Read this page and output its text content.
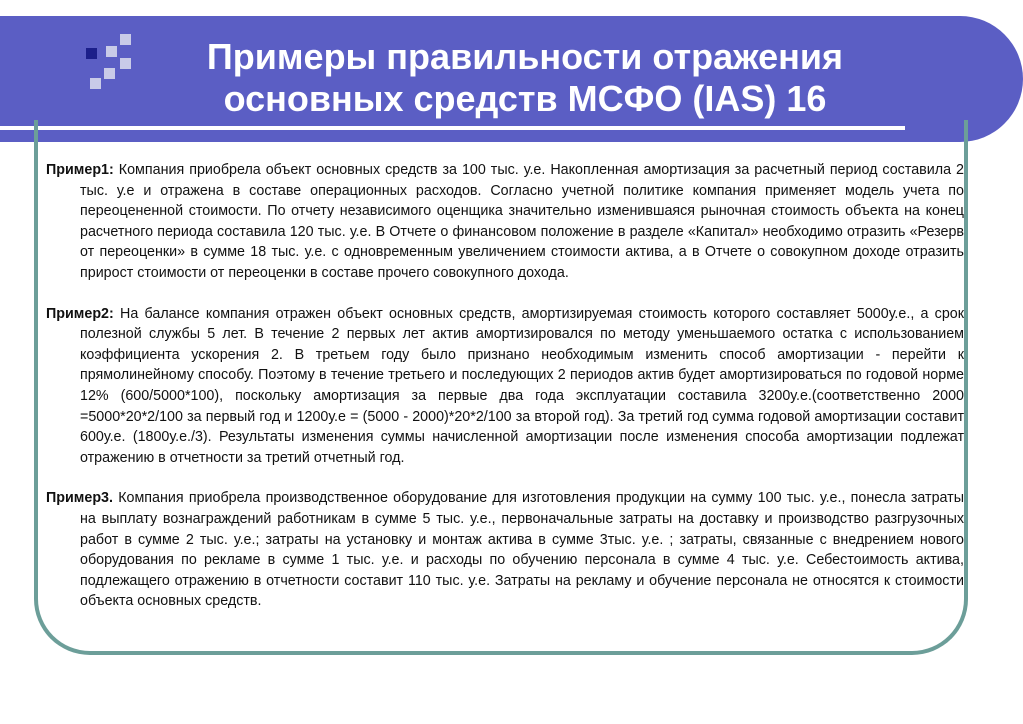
Примеры правильности отражения
основных средств МСФО (IAS) 16

Пример1: Компания приобрела объект основных средств за 100 тыс. у.е. Накопленная амортизация за расчетный период составила 2 тыс. у.е и отражена в составе операционных расходов. Согласно учетной политике компания применяет модель учета по переоцененной стоимости. По отчету независимого оценщика значительно изменившаяся рыночная стоимость объекта на конец расчетного периода составила 120 тыс. у.е. В Отчете о финансовом положение в разделе «Капитал» необходимо отразить «Резерв от переоценки» в сумме 18 тыс. у.е. с одновременным увеличением стоимости актива, а в Отчете о совокупном доходе отразить прирост стоимости от переоценки в составе прочего совокупного дохода.

Пример2: На балансе компания отражен объект основных средств, амортизируемая стоимость которого составляет 5000у.е., а срок полезной службы 5 лет. В течение 2 первых лет актив амортизировался по методу уменьшаемого остатка с использованием коэффициента ускорения 2. В третьем году было признано необходимым изменить способ амортизации - перейти к прямолинейному способу. Поэтому в течение третьего и последующих 2 периодов актив будет амортизироваться по годовой норме 12% (600/5000*100), поскольку амортизация за первые два года эксплуатации составила 3200у.е.(соответственно 2000 =5000*20*2/100 за первый год и 1200у.е = (5000 - 2000)*20*2/100 за второй год). За третий год сумма годовой амортизации составит 600у.е. (1800у.е./3). Результаты изменения суммы начисленной амортизации после изменения способа амортизации подлежат отражению в отчетности за третий отчетный год.

Пример3. Компания приобрела производственное оборудование для изготовления продукции на сумму 100 тыс. у.е., понесла затраты на выплату вознаграждений работникам в сумме 5 тыс. у.е., первоначальные затраты на доставку и производство разгрузочных работ в сумме 2 тыс. у.е.; затраты на установку и монтаж актива в сумме 3тыс. у.е. ; затраты, связанные с внедрением нового оборудования по рекламе в сумме 1 тыс. у.е. и расходы по обучению персонала в сумме 4 тыс. у.е. Себестоимость актива, подлежащего отражению в отчетности составит 110 тыс. у.е. Затраты на рекламу и обучение персонала не относятся к стоимости объекта основных средств.
